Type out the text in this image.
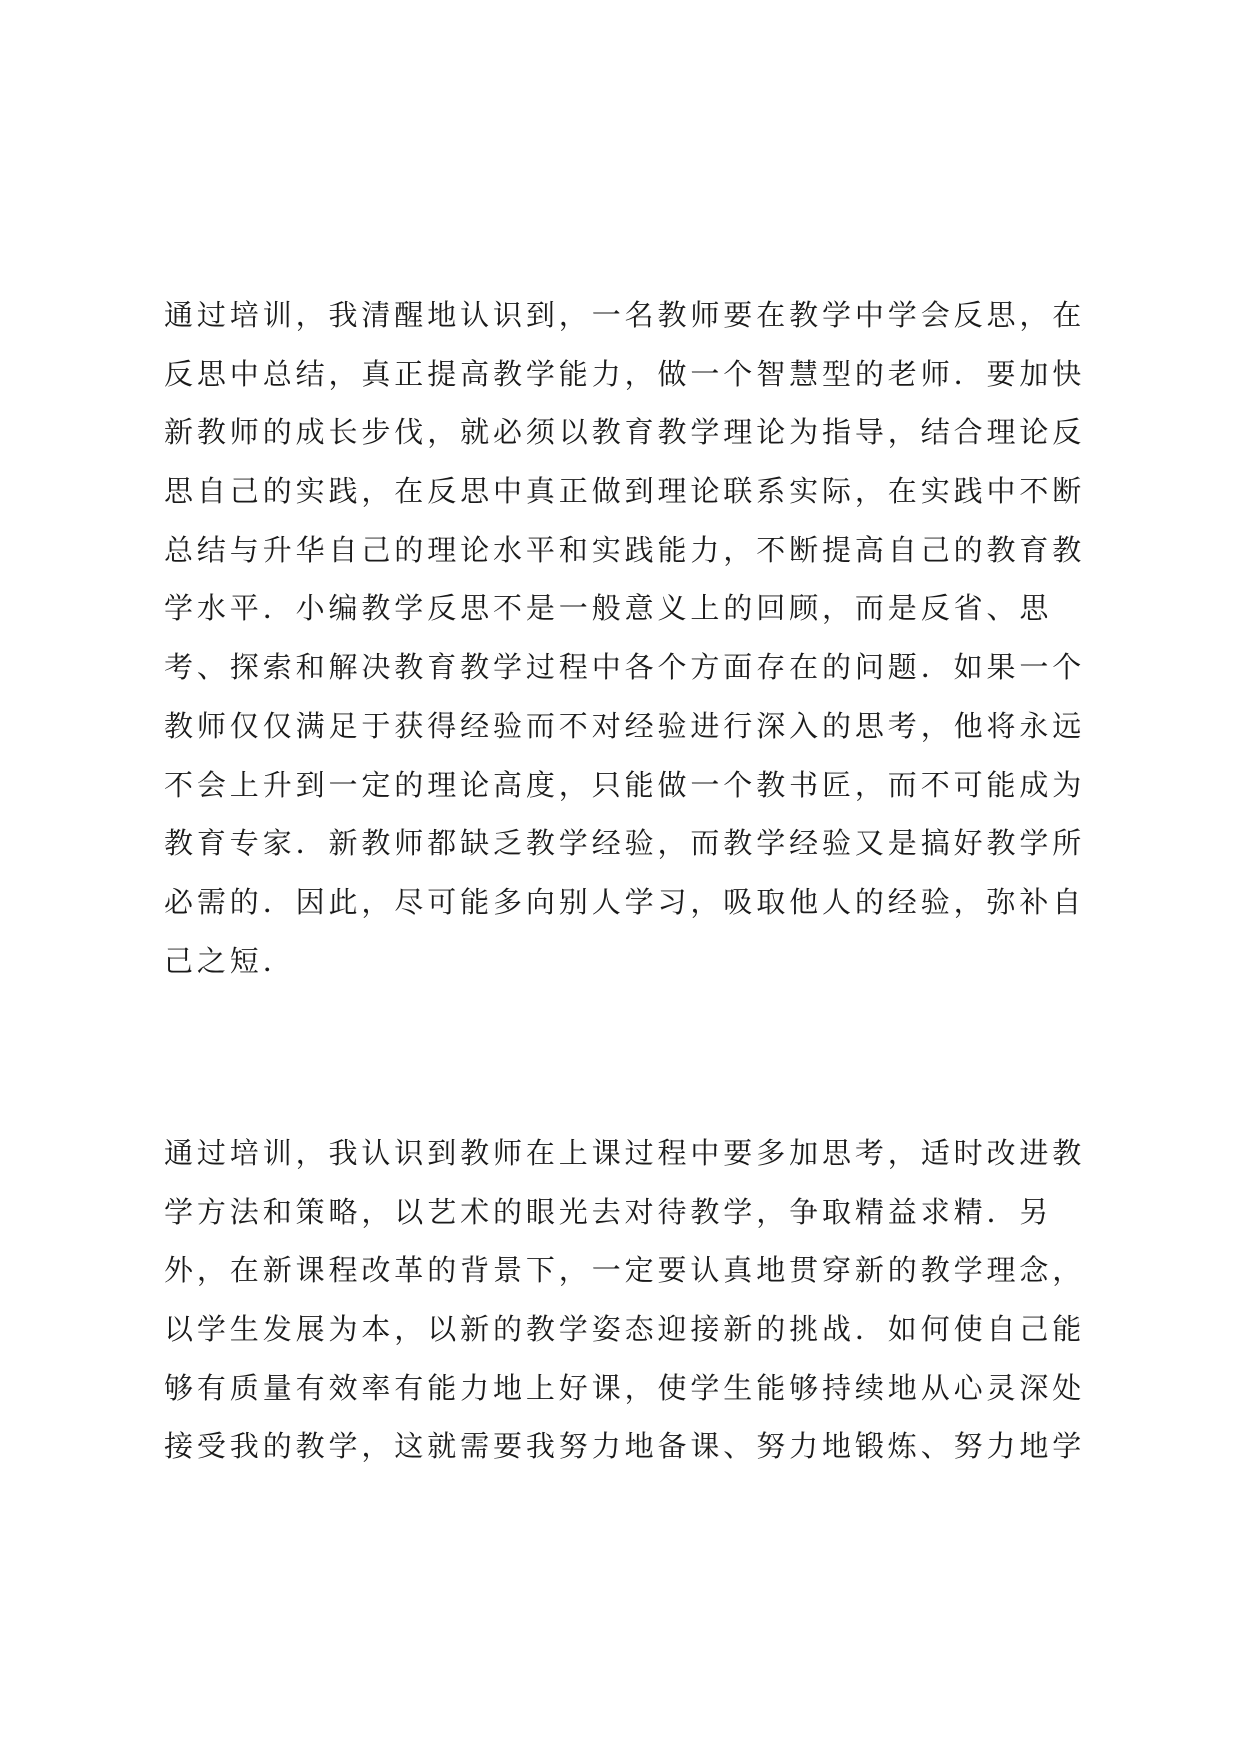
通过培训，我清醒地认识到，一名教师要在教学中学会反思，在
反思中总结，真正提高教学能力，做一个智慧型的老师．要加快
新教师的成长步伐，就必须以教育教学理论为指导，结合理论反
思自己的实践，在反思中真正做到理论联系实际，在实践中不断
总结与升华自己的理论水平和实践能力，不断提高自己的教育教
学水平．小编教学反思不是一般意义上的回顾，而是反省、思
考、探索和解决教育教学过程中各个方面存在的问题．如果一个
教师仅仅满足于获得经验而不对经验进行深入的思考，他将永远
不会上升到一定的理论高度，只能做一个教书匠，而不可能成为
教育专家．新教师都缺乏教学经验，而教学经验又是搞好教学所
必需的．因此，尽可能多向别人学习，吸取他人的经验，弥补自
己之短．
通过培训，我认识到教师在上课过程中要多加思考，适时改进教
学方法和策略，以艺术的眼光去对待教学，争取精益求精．另
外，在新课程改革的背景下，一定要认真地贯穿新的教学理念，
以学生发展为本，以新的教学姿态迎接新的挑战．如何使自己能
够有质量有效率有能力地上好课，使学生能够持续地从心灵深处
接受我的教学，这就需要我努力地备课、努力地锻炼、努力地学
